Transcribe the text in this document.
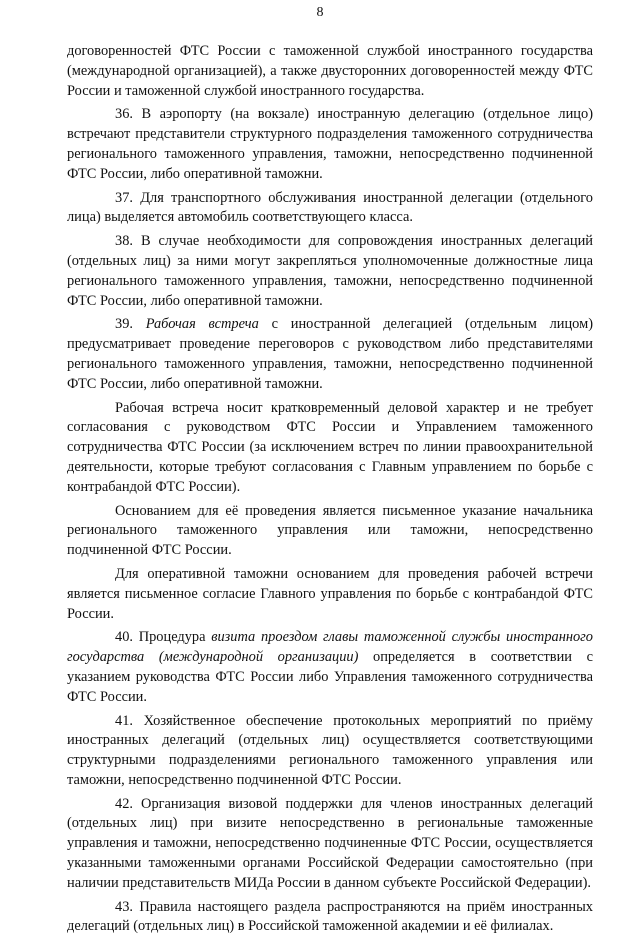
8

договоренностей ФТС России с таможенной службой иностранного государства (международной организацией), а также двусторонних договоренностей между ФТС России и таможенной службой иностранного государства.

36. В аэропорту (на вокзале) иностранную делегацию (отдельное лицо) встречают представители структурного подразделения таможенного сотрудничества регионального таможенного управления, таможни, непосредственно подчиненной ФТС России, либо оперативной таможни.

37. Для транспортного обслуживания иностранной делегации (отдельного лица) выделяется автомобиль соответствующего класса.

38. В случае необходимости для сопровождения иностранных делегаций (отдельных лиц) за ними могут закрепляться уполномоченные должностные лица регионального таможенного управления, таможни, непосредственно подчиненной ФТС России, либо оперативной таможни.

39. Рабочая встреча с иностранной делегацией (отдельным лицом) предусматривает проведение переговоров с руководством либо представителями регионального таможенного управления, таможни, непосредственно подчиненной ФТС России, либо оперативной таможни.

Рабочая встреча носит кратковременный деловой характер и не требует согласования с руководством ФТС России и Управлением таможенного сотрудничества ФТС России (за исключением встреч по линии правоохранительной деятельности, которые требуют согласования с Главным управлением по борьбе с контрабандой ФТС России).

Основанием для её проведения является письменное указание начальника регионального таможенного управления или таможни, непосредственно подчиненной ФТС России.

Для оперативной таможни основанием для проведения рабочей встречи является письменное согласие Главного управления по борьбе с контрабандой ФТС России.

40. Процедура визита проездом главы таможенной службы иностранного государства (международной организации) определяется в соответствии с указанием руководства ФТС России либо Управления таможенного сотрудничества ФТС России.

41. Хозяйственное обеспечение протокольных мероприятий по приёму иностранных делегаций (отдельных лиц) осуществляется соответствующими структурными подразделениями регионального таможенного управления или таможни, непосредственно подчиненной ФТС России.

42. Организация визовой поддержки для членов иностранных делегаций (отдельных лиц) при визите непосредственно в региональные таможенные управления и таможни, непосредственно подчиненные ФТС России, осуществляется указанными таможенными органами Российской Федерации самостоятельно (при наличии представительств МИДа России в данном субъекте Российской Федерации).

43. Правила настоящего раздела распространяются на приём иностранных делегаций (отдельных лиц) в Российской таможенной академии и её филиалах.
